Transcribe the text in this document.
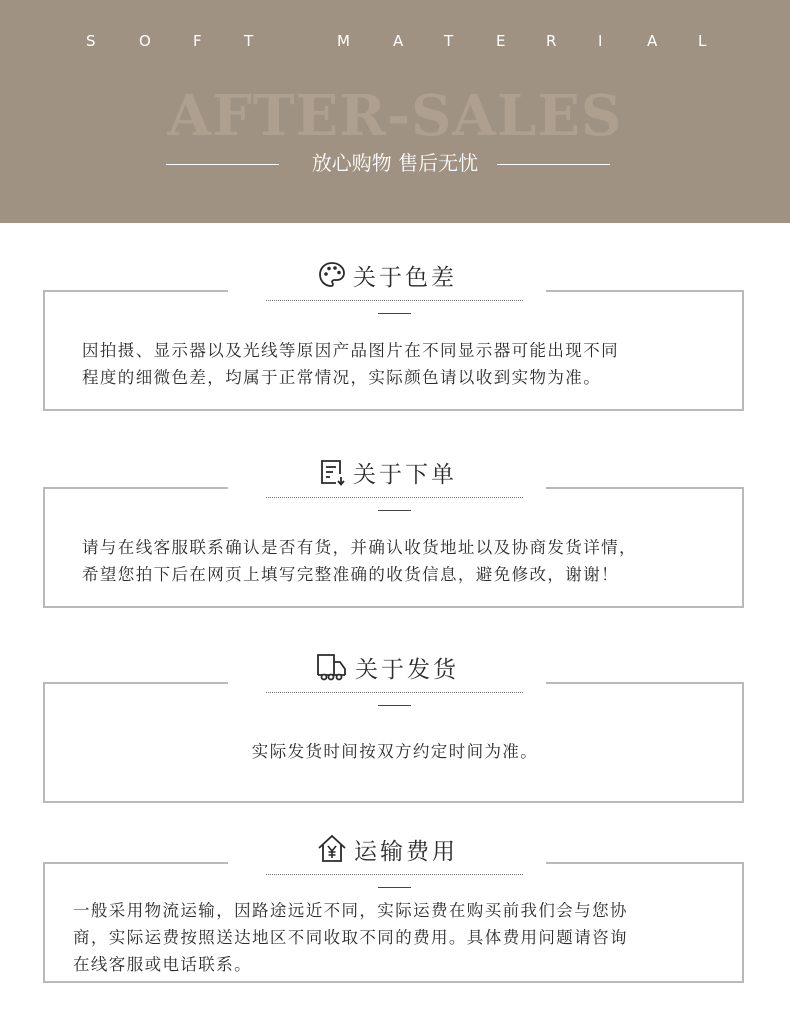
S	O	F	T	M	A	T	E	R	I	A	L
AFTER-SALES
放心购物 售后无忧
关于色差
因拍摄、显示器以及光线等原因产品图片在不同显示器可能出现不同
程度的细微色差，均属于正常情况，实际颜色请以收到实物为准。
关于下单
请与在线客服联系确认是否有货，并确认收货地址以及协商发货详情，
希望您拍下后在网页上填写完整准确的收货信息，避免修改，谢谢！
关于发货
实际发货时间按双方约定时间为准。
运输费用
一般采用物流运输，因路途远近不同，实际运费在购买前我们会与您协
商，实际运费按照送达地区不同收取不同的费用。具体费用问题请咨询
在线客服或电话联系。
